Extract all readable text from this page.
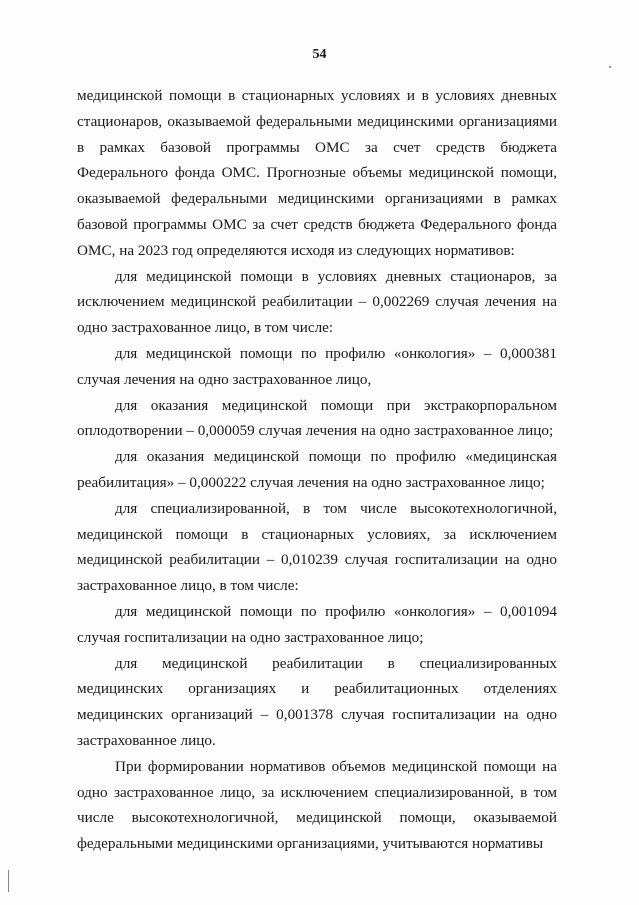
54

медицинской помощи в стационарных условиях и в условиях дневных стационаров, оказываемой федеральными медицинскими организациями в рамках базовой программы ОМС за счет средств бюджета Федерального фонда ОМС. Прогнозные объемы медицинской помощи, оказываемой федеральными медицинскими организациями в рамках базовой программы ОМС за счет средств бюджета Федерального фонда ОМС, на 2023 год определяются исходя из следующих нормативов:

для медицинской помощи в условиях дневных стационаров, за исключением медицинской реабилитации – 0,002269 случая лечения на одно застрахованное лицо, в том числе:

для медицинской помощи по профилю «онкология» – 0,000381 случая лечения на одно застрахованное лицо,

для оказания медицинской помощи при экстракорпоральном оплодотворении – 0,000059 случая лечения на одно застрахованное лицо;

для оказания медицинской помощи по профилю «медицинская реабилитация» – 0,000222 случая лечения на одно застрахованное лицо;

для специализированной, в том числе высокотехнологичной, медицинской помощи в стационарных условиях, за исключением медицинской реабилитации – 0,010239 случая госпитализации на одно застрахованное лицо, в том числе:

для медицинской помощи по профилю «онкология» – 0,001094 случая госпитализации на одно застрахованное лицо;

для медицинской реабилитации в специализированных медицинских организациях и реабилитационных отделениях медицинских организаций – 0,001378 случая госпитализации на одно застрахованное лицо.

При формировании нормативов объемов медицинской помощи на одно застрахованное лицо, за исключением специализированной, в том числе высокотехнологичной, медицинской помощи, оказываемой федеральными медицинскими организациями, учитываются нормативы
